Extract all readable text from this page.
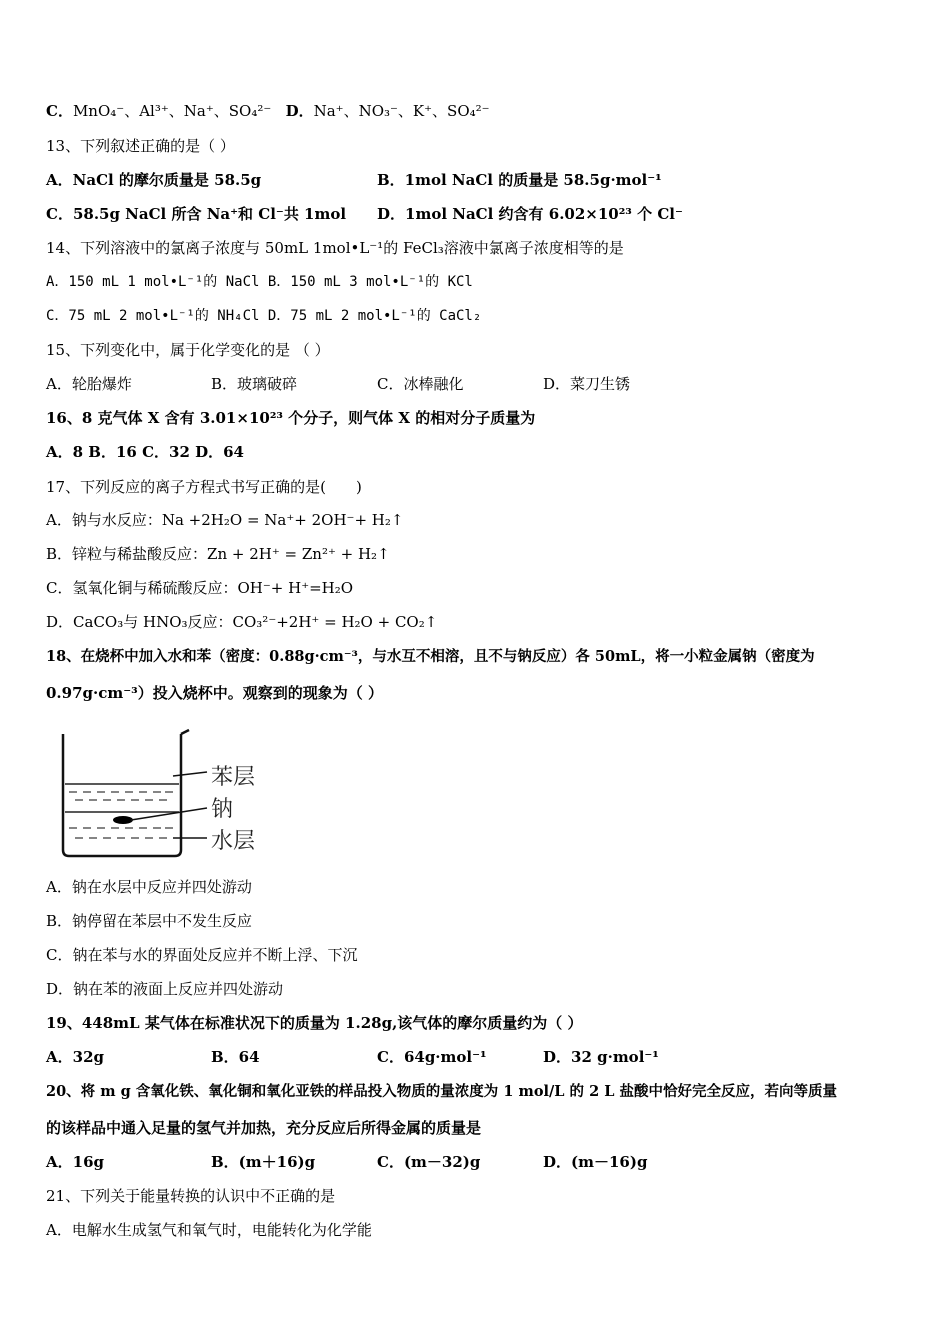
C．MnO₄⁻、Al³⁺、Na⁺、SO₄²⁻ D．Na⁺、NO₃⁻、K⁺、SO₄²⁻
13、下列叙述正确的是（ ）
A．NaCl 的摩尔质量是 58.5g	B．1mol NaCl 的质量是 58.5g·mol⁻¹
C．58.5g NaCl 所含 Na⁺和 Cl⁻共 1mol D．1mol NaCl 约含有 6.02×10²³ 个 Cl⁻
14、下列溶液中的氯离子浓度与 50mL 1mol•L⁻¹的 FeCl₃溶液中氯离子浓度相等的是
A．150 mL 1 mol•L⁻¹的 NaCl B．150 mL 3 mol•L⁻¹的 KCl
C．75 mL 2 mol•L⁻¹的 NH₄Cl D．75 mL 2 mol•L⁻¹的 CaCl₂
15、下列变化中，属于化学变化的是 （ ）
A．轮胎爆炸	B．玻璃破碎	C．冰棒融化	D．菜刀生锈
16、8 克气体 X 含有 3.01×10²³ 个分子，则气体 X 的相对分子质量为
A．8 B．16 C．32 D．64
17、下列反应的离子方程式书写正确的是(　　)
A．钠与水反应：Na +2H₂O = Na⁺+ 2OH⁻+ H₂↑
B．锌粒与稀盐酸反应：Zn + 2H⁺ = Zn²⁺ + H₂↑
C．氢氧化铜与稀硫酸反应：OH⁻+ H⁺=H₂O
D．CaCO₃与 HNO₃反应：CO₃²⁻+2H⁺ = H₂O + CO₂↑
18、在烧杯中加入水和苯（密度：0.88g·cm⁻³，与水互不相溶，且不与钠反应）各 50mL，将一小粒金属钠（密度为
0.97g·cm⁻³）投入烧杯中。观察到的现象为（ ）
苯层
钠
水层
A．钠在水层中反应并四处游动
B．钠停留在苯层中不发生反应
C．钠在苯与水的界面处反应并不断上浮、下沉
D．钠在苯的液面上反应并四处游动
19、448mL 某气体在标准状况下的质量为 1.28g,该气体的摩尔质量约为（ ）
A．32g	B．64	C．64g·mol⁻¹	D．32 g·mol⁻¹
20、将 m g 含氧化铁、氧化铜和氧化亚铁的样品投入物质的量浓度为 1 mol/L 的 2 L 盐酸中恰好完全反应，若向等质量
的该样品中通入足量的氢气并加热，充分反应后所得金属的质量是
A．16g	B．(m＋16)g	C．(m－32)g	D．(m－16)g
21、下列关于能量转换的认识中不正确的是
A．电解水生成氢气和氧气时，电能转化为化学能
